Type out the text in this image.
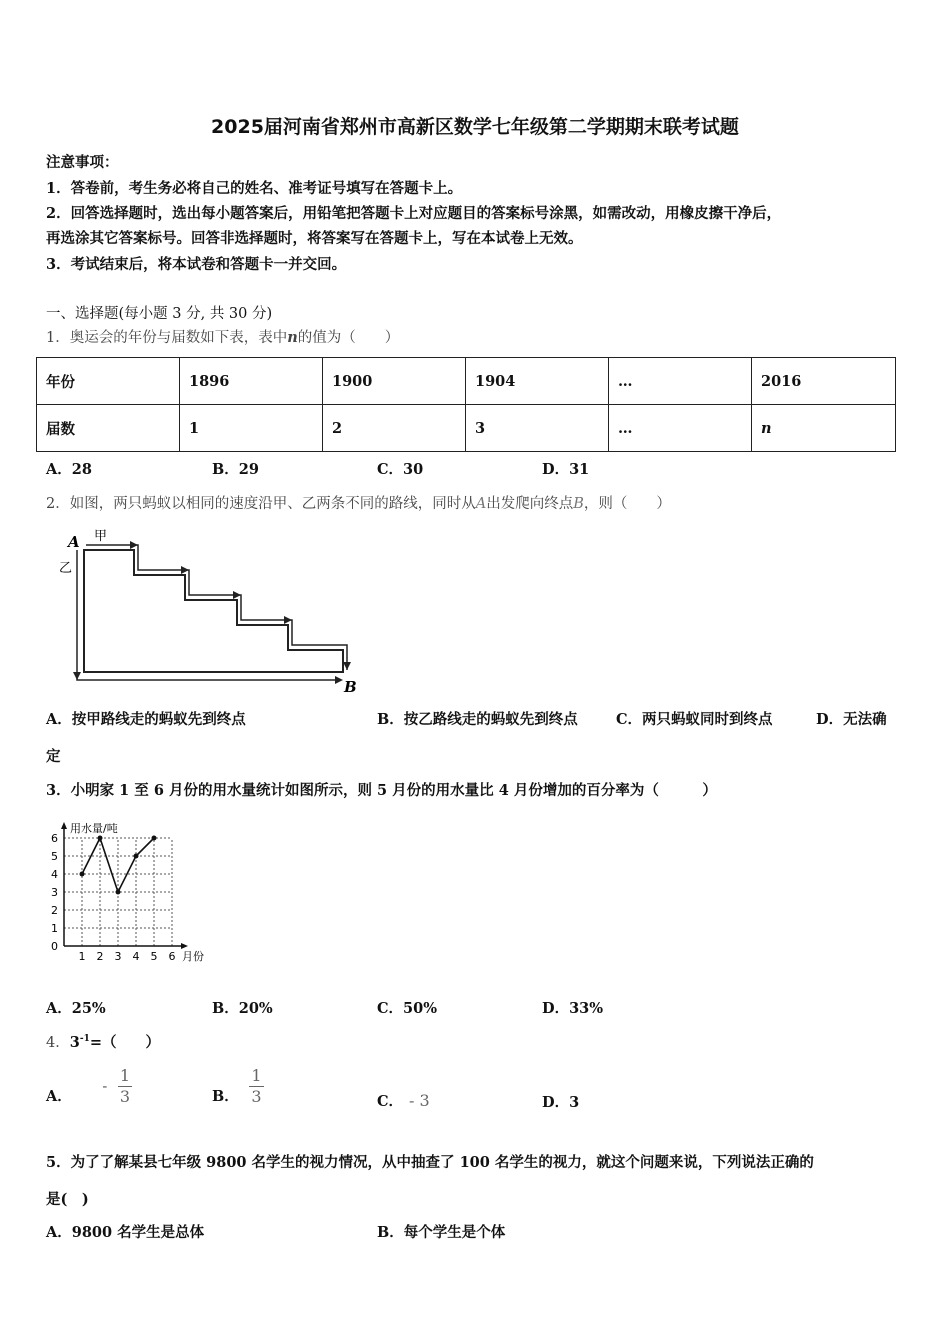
2025届河南省郑州市高新区数学七年级第二学期期末联考试题
注意事项：
1．答卷前，考生务必将自己的姓名、准考证号填写在答题卡上。
2．回答选择题时，选出每小题答案后，用铅笔把答题卡上对应题目的答案标号涂黑，如需改动，用橡皮擦干净后，
再选涂其它答案标号。回答非选择题时，将答案写在答题卡上，写在本试卷上无效。
3．考试结束后，将本试卷和答题卡一并交回。
一、选择题(每小题 3 分, 共 30 分)
1．奥运会的年份与届数如下表，表中n的值为（　　）
年份	1896	1900	1904	…	2016
届数	1	2	3	…	n
A．28	B．29	C．30	D．31
2．如图，两只蚂蚁以相同的速度沿甲、乙两条不同的路线，同时从A出发爬向终点B，则（　　）
A 甲
乙
B
A．按甲路线走的蚂蚁先到终点	B．按乙路线走的蚂蚁先到终点	C．两只蚂蚁同时到终点	D．无法确
定
3．小明家 1 至 6 月份的用水量统计如图所示，则 5 月份的用水量比 4 月份增加的百分率为（　　　）
0
1
2
3
4
5
6
1 2 3 4 5 6
用水量/吨
月份
A．25%	B．20%	C．50%	D．33%
4．$3^{-1}=$（　　）
A． - $\frac{1}{3}$	B． $\frac{1}{3}$	C． - 3	D．3
5．为了了解某县七年级 9800 名学生的视力情况，从中抽查了 100 名学生的视力，就这个问题来说，下列说法正确的
是(　)
A．9800 名学生是总体	B．每个学生是个体
